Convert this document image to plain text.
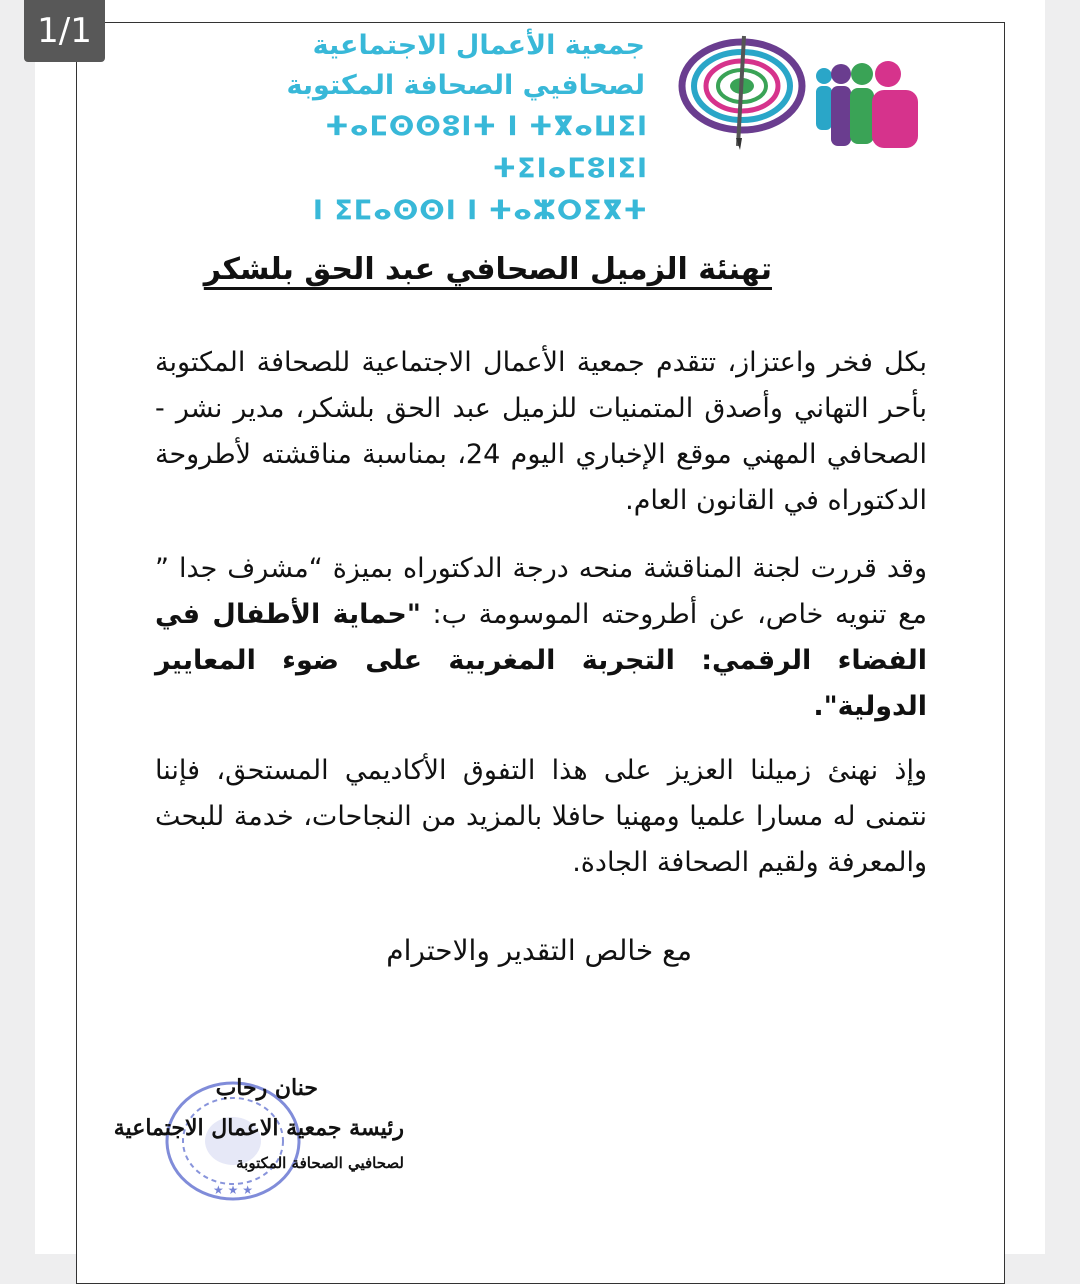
1/1	جمعية الأعمال الاجتماعية
لصحافيي الصحافة المكتوبة
ⵜⴰⵎⵙⵙⵓⵏⵜ ⵏ ⵜⴳⴰⵡⵉⵏ ⵜⵉⵏⴰⵎⵓⵏⵉⵏ
ⵏ ⵉⵎⴰⵙⵙⵏ ⵏ ⵜⴰⵣⵔⵉⴳⵜ
تهنئة الزميل الصحافي عبد الحق بلشكر
بكل فخر واعتزاز، تتقدم جمعية الأعمال الاجتماعية للصحافة المكتوبة بأحر التهاني وأصدق المتمنيات للزميل عبد الحق بلشكر، مدير نشر - الصحافي المهني موقع الإخباري اليوم 24، بمناسبة مناقشته لأطروحة الدكتوراه في القانون العام.
وقد قررت لجنة المناقشة منحه درجة الدكتوراه بميزة “مشرف جدا ” مع تنويه خاص، عن أطروحته الموسومة ب: "حماية الأطفال في الفضاء الرقمي: التجربة المغربية على ضوء المعايير الدولية".
وإذ نهنئ زميلنا العزيز على هذا التفوق الأكاديمي المستحق، فإننا نتمنى له مسارا علميا ومهنيا حافلا بالمزيد من النجاحات، خدمة للبحث والمعرفة ولقيم الصحافة الجادة.
مع خالص التقدير والاحترام
★ ★ ★
حنان رحاب
رئيسة جمعية الاعمال الاجتماعية
لصحافيي الصحافة المكتوبة
